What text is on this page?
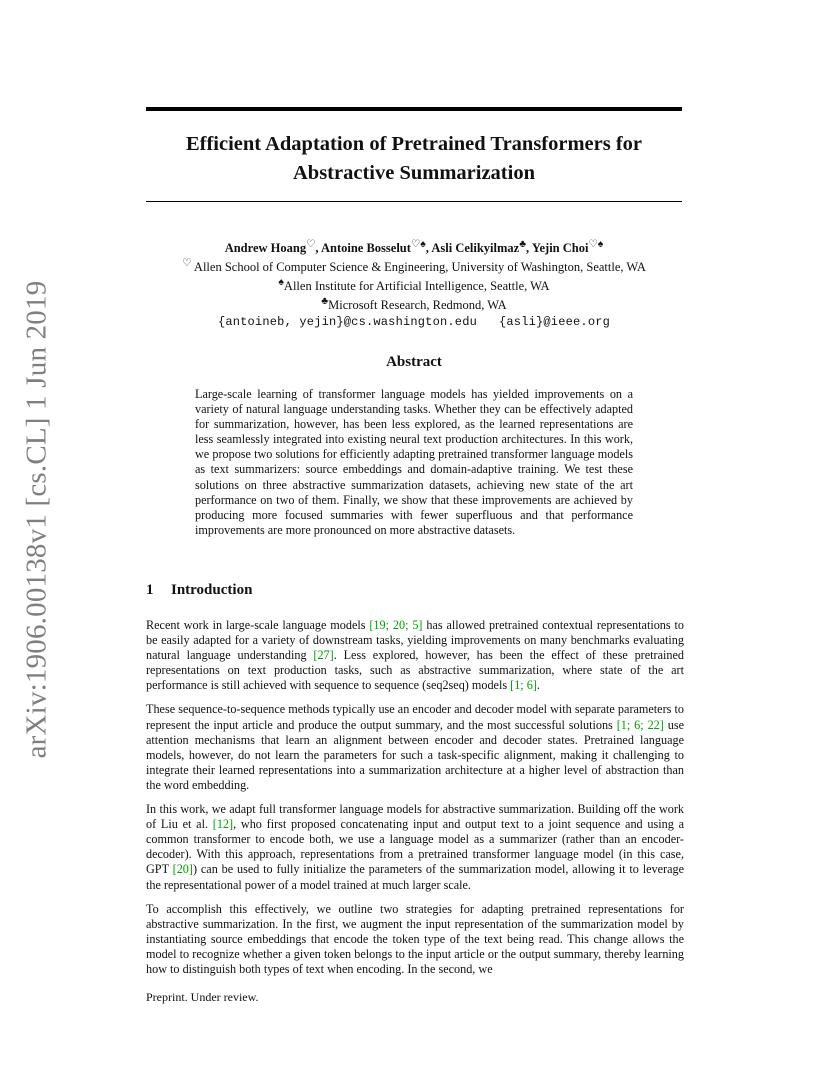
Efficient Adaptation of Pretrained Transformers for
Abstractive Summarization
Andrew Hoang♡, Antoine Bosselut♡♠, Asli Celikyilmaz♣, Yejin Choi♡♠
♡ Allen School of Computer Science & Engineering, University of Washington, Seattle, WA
♠Allen Institute for Artificial Intelligence, Seattle, WA
♣Microsoft Research, Redmond, WA
{antoineb, yejin}@cs.washington.edu {asli}@ieee.org
arXiv:1906.00138v1 [cs.CL] 1 Jun 2019	Abstract
Large-scale learning of transformer language models has yielded improvements on a variety of natural language understanding tasks. Whether they can be effectively adapted for summarization, however, has been less explored, as the learned representations are less seamlessly integrated into existing neural text production architectures. In this work, we propose two solutions for efficiently adapting pretrained transformer language models as text summarizers: source embeddings and domain-adaptive training. We test these solutions on three abstractive summarization datasets, achieving new state of the art performance on two of them. Finally, we show that these improvements are achieved by producing more focused summaries with fewer superfluous and that performance improvements are more pronounced on more abstractive datasets.
1 Introduction

Recent work in large-scale language models [19; 20; 5] has allowed pretrained contextual representations to be easily adapted for a variety of downstream tasks, yielding improvements on many benchmarks evaluating natural language understanding [27]. Less explored, however, has been the effect of these pretrained representations on text production tasks, such as abstractive summarization, where state of the art performance is still achieved with sequence to sequence (seq2seq) models [1; 6].

These sequence-to-sequence methods typically use an encoder and decoder model with separate parameters to represent the input article and produce the output summary, and the most successful solutions [1; 6; 22] use attention mechanisms that learn an alignment between encoder and decoder states. Pretrained language models, however, do not learn the parameters for such a task-specific alignment, making it challenging to integrate their learned representations into a summarization architecture at a higher level of abstraction than the word embedding.

In this work, we adapt full transformer language models for abstractive summarization. Building off the work of Liu et al. [12], who first proposed concatenating input and output text to a joint sequence and using a common transformer to encode both, we use a language model as a summarizer (rather than an encoder-decoder). With this approach, representations from a pretrained transformer language model (in this case, GPT [20]) can be used to fully initialize the parameters of the summarization model, allowing it to leverage the representational power of a model trained at much larger scale.

To accomplish this effectively, we outline two strategies for adapting pretrained representations for abstractive summarization. In the first, we augment the input representation of the summarization model by instantiating source embeddings that encode the token type of the text being read. This change allows the model to recognize whether a given token belongs to the input article or the output summary, thereby learning how to distinguish both types of text when encoding. In the second, we

Preprint. Under review.
